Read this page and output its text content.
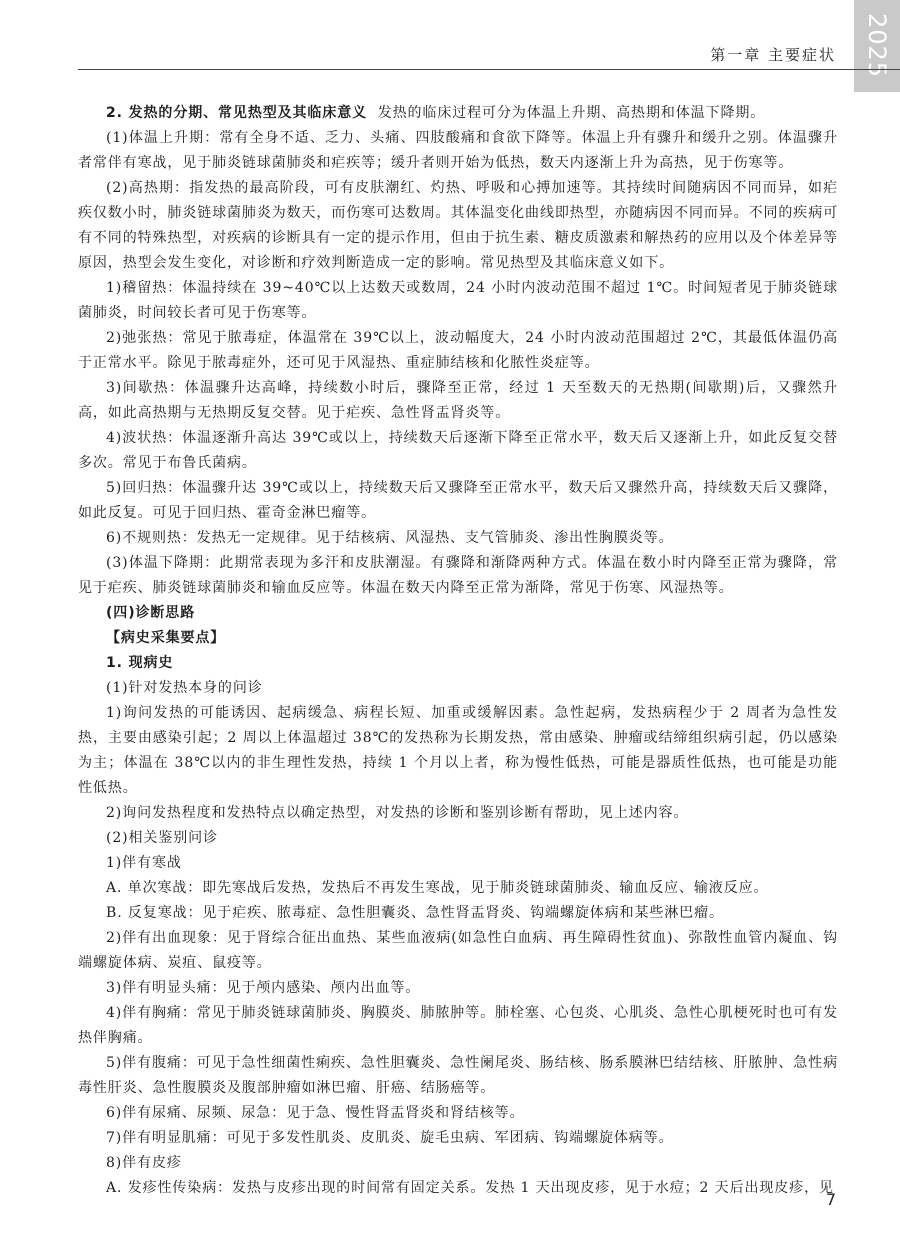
2025
第一章 主要症状

2. 发热的分期、常见热型及其临床意义 发热的临床过程可分为体温上升期、高热期和体温下降期。

(1)体温上升期：常有全身不适、乏力、头痛、四肢酸痛和食欲下降等。体温上升有骤升和缓升之别。体温骤升者常伴有寒战，见于肺炎链球菌肺炎和疟疾等；缓升者则开始为低热，数天内逐渐上升为高热，见于伤寒等。

(2)高热期：指发热的最高阶段，可有皮肤潮红、灼热、呼吸和心搏加速等。其持续时间随病因不同而异，如疟疾仅数小时，肺炎链球菌肺炎为数天，而伤寒可达数周。其体温变化曲线即热型，亦随病因不同而异。不同的疾病可有不同的特殊热型，对疾病的诊断具有一定的提示作用，但由于抗生素、糖皮质激素和解热药的应用以及个体差异等原因，热型会发生变化，对诊断和疗效判断造成一定的影响。常见热型及其临床意义如下。

1)稽留热：体温持续在 39~40℃以上达数天或数周，24 小时内波动范围不超过 1℃。时间短者见于肺炎链球菌肺炎，时间较长者可见于伤寒等。

2)弛张热：常见于脓毒症，体温常在 39℃以上，波动幅度大，24 小时内波动范围超过 2℃，其最低体温仍高于正常水平。除见于脓毒症外，还可见于风湿热、重症肺结核和化脓性炎症等。

3)间歇热：体温骤升达高峰，持续数小时后，骤降至正常，经过 1 天至数天的无热期(间歇期)后，又骤然升高，如此高热期与无热期反复交替。见于疟疾、急性肾盂肾炎等。

4)波状热：体温逐渐升高达 39℃或以上，持续数天后逐渐下降至正常水平，数天后又逐渐上升，如此反复交替多次。常见于布鲁氏菌病。

5)回归热：体温骤升达 39℃或以上，持续数天后又骤降至正常水平，数天后又骤然升高，持续数天后又骤降，如此反复。可见于回归热、霍奇金淋巴瘤等。

6)不规则热：发热无一定规律。见于结核病、风湿热、支气管肺炎、渗出性胸膜炎等。

(3)体温下降期：此期常表现为多汗和皮肤潮湿。有骤降和渐降两种方式。体温在数小时内降至正常为骤降，常见于疟疾、肺炎链球菌肺炎和输血反应等。体温在数天内降至正常为渐降，常见于伤寒、风湿热等。

(四)诊断思路

【病史采集要点】

1. 现病史

(1)针对发热本身的问诊

1)询问发热的可能诱因、起病缓急、病程长短、加重或缓解因素。急性起病，发热病程少于 2 周者为急性发热，主要由感染引起；2 周以上体温超过 38℃的发热称为长期发热，常由感染、肿瘤或结缔组织病引起，仍以感染为主；体温在 38℃以内的非生理性发热，持续 1 个月以上者，称为慢性低热，可能是器质性低热，也可能是功能性低热。

2)询问发热程度和发热特点以确定热型，对发热的诊断和鉴别诊断有帮助，见上述内容。

(2)相关鉴别问诊

1)伴有寒战

A. 单次寒战：即先寒战后发热，发热后不再发生寒战，见于肺炎链球菌肺炎、输血反应、输液反应。

B. 反复寒战：见于疟疾、脓毒症、急性胆囊炎、急性肾盂肾炎、钩端螺旋体病和某些淋巴瘤。

2)伴有出血现象：见于肾综合征出血热、某些血液病(如急性白血病、再生障碍性贫血)、弥散性血管内凝血、钩端螺旋体病、炭疽、鼠疫等。

3)伴有明显头痛：见于颅内感染、颅内出血等。

4)伴有胸痛：常见于肺炎链球菌肺炎、胸膜炎、肺脓肿等。肺栓塞、心包炎、心肌炎、急性心肌梗死时也可有发热伴胸痛。

5)伴有腹痛：可见于急性细菌性痢疾、急性胆囊炎、急性阑尾炎、肠结核、肠系膜淋巴结结核、肝脓肿、急性病毒性肝炎、急性腹膜炎及腹部肿瘤如淋巴瘤、肝癌、结肠癌等。

6)伴有尿痛、尿频、尿急：见于急、慢性肾盂肾炎和肾结核等。

7)伴有明显肌痛：可见于多发性肌炎、皮肌炎、旋毛虫病、军团病、钩端螺旋体病等。

8)伴有皮疹

A. 发疹性传染病：发热与皮疹出现的时间常有固定关系。发热 1 天出现皮疹，见于水痘；2 天后出现皮疹，见

7
